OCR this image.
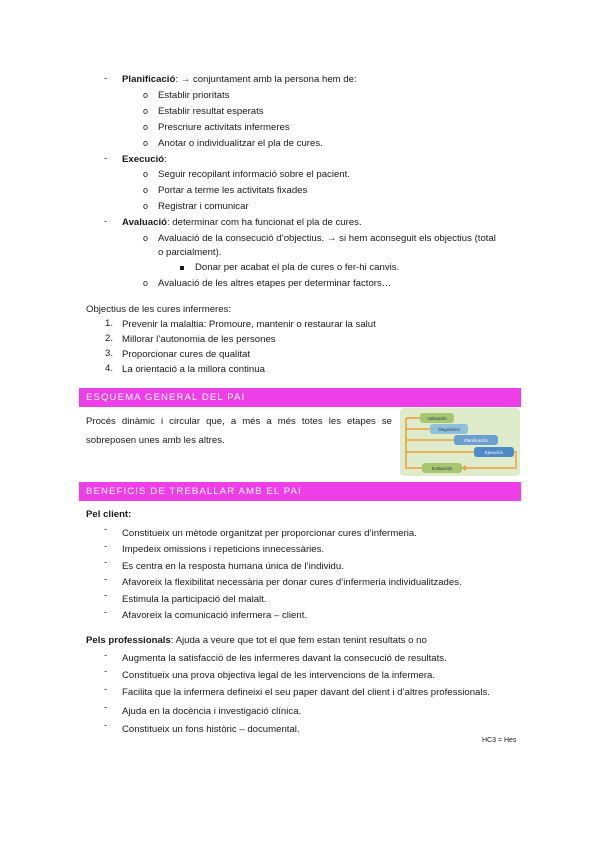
-	Planificació: → conjuntament amb la persona hem de:
o Establir prioritats
o Establir resultat esperats
o Prescriure activitats infermeres
o Anotar o individualitzar el pla de cures.
-	Execució:
o Seguir recopilant informació sobre el pacient.
o Portar a terme les activitats fixades
o Registrar i comunicar
-	Avaluació: determinar com ha funcionat el pla de cures.
o Avaluació de la consecució d’objectius. → si hem aconseguit els objectius (total
o parcialment).
Donar per acabat el pla de cures o fer-hi canvis.
o Avaluació de les altres etapes per determinar factors…
Objectius de les cures infermeres:
1. Prevenir la malaltia: Promoure, mantenir o restaurar la salut
2. Millorar l’autonomia de les persones
3. Proporcionar cures de qualitat
4. La orientació a la millora continua
ESQUEMA GENERAL DEL PAI
Procés dinàmic i circular que, a més a més totes les etapes se
sobreposen unes amb les altres.
Valoración
Diagnóstico
Planificación
Ejecución
Evaluación
BENEFICIS DE TREBALLAR AMB EL PAI
Pel client:
-	Constitueix un mètode organitzat per proporcionar cures d’infermeria.
-	Impedeix omissions i repeticions innecessàries.
-	Es centra en la resposta humana única de l’individu.
-	Afavoreix la flexibilitat necessària per donar cures d’infermeria individualitzades.
-	Estimula la participació del malalt.
-	Afavoreix la comunicació infermera – client.
Pels professionals: Ajuda a veure que tot el que fem estan tenint resultats o no
-	Augmenta la satisfacció de les infermeres davant la consecució de resultats.
-	Constitueix una prova objectiva legal de les intervencions de la infermera.
-	Facilita que la infermera defineixi el seu paper davant del client i d’altres professionals.
-	Ajuda en la docència i investigació clínica.
-	Constitueix un fons històric – documental.
HC3 = Hes
